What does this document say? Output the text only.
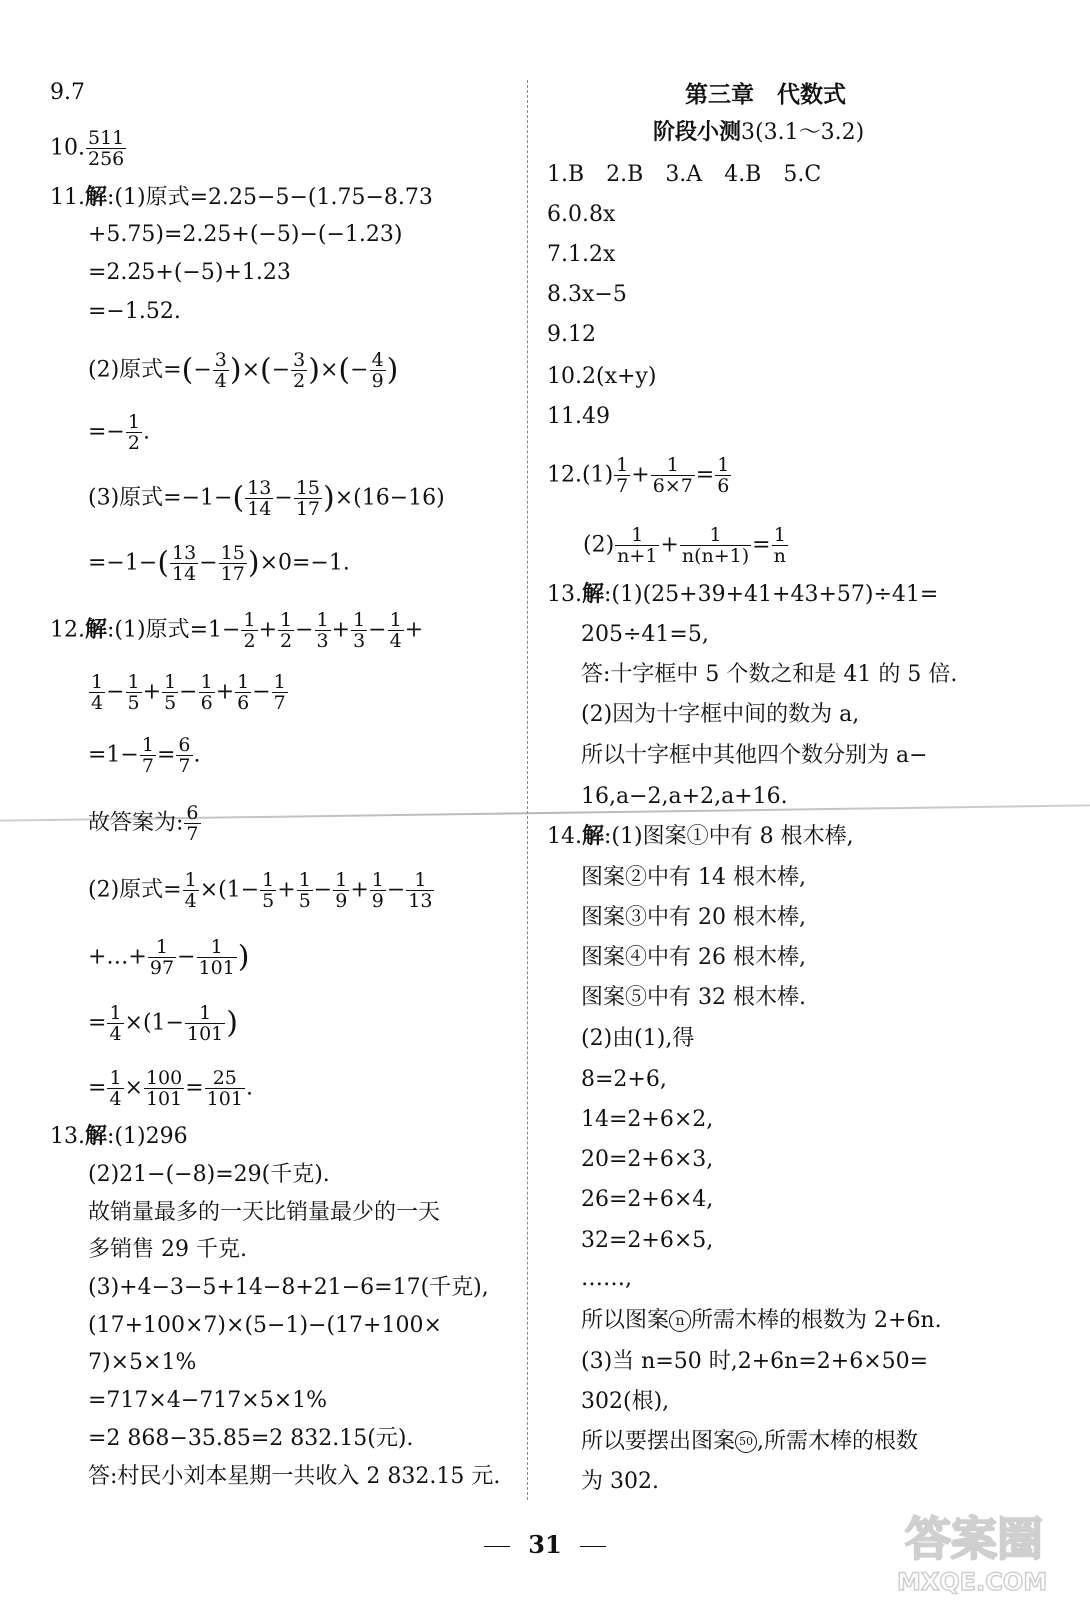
9.7
10. $\frac{511}{256}$
11.解:(1)原式=2.25−5−(1.75−8.73
+5.75)=2.25+(−5)−(−1.23)
=2.25+(−5)+1.23
=−1.52.
(2)原式=(− $\frac{3}{4}$ )×(− $\frac{3}{2}$ )×(− $\frac{4}{9}$ )
=− $\frac{1}{2}$ .
(3)原式$=-1-( \frac{13}{14} - \frac{15}{17} )\times(16-16)$
$=-1-( \frac{13}{14} - \frac{15}{17} )\times 0=-1$.
12.解:(1)原式$=1- \frac{1}{2} + \frac{1}{2} - \frac{1}{3} + \frac{1}{3} - \frac{1}{4}$ +
$\frac{1}{4} - \frac{1}{5} + \frac{1}{5} - \frac{1}{6} + \frac{1}{6} - \frac{1}{7}$
$=1- \frac{1}{7} = \frac{6}{7}$ .
故答案为: $\frac{6}{7}$
(2)原式= $\frac{1}{4} \times(1- \frac{1}{5} + \frac{1}{5} - \frac{1}{9} + \frac{1}{9} - \frac{1}{13}$
+…+ $\frac{1}{97} - \frac{1}{101}$ )
= $\frac{1}{4} \times(1- \frac{1}{101}$ )
= $\frac{1}{4} \times \frac{100}{101} = \frac{25}{101}$ .
13.解:(1)296
(2)21−(−8)=29(千克).
故销量最多的一天比销量最少的一天
多销售 29 千克.
(3)+4−3−5+14−8+21−6=17(千克),
(17+100×7)×(5−1)−(17+100×
7)×5×1%
=717×4−717×5×1%
=2 868−35.85=2 832.15(元).
答:村民小刘本星期一共收入 2 832.15 元.
第三章　代数式
阶段小测3(3.1～3.2)
1.B　2.B　3.A　4.B　5.C
6.0.8x
7.1.2x
8.3x−5
9.12
10.2(x+y)
11.49
$12.(1) \frac{1}{7} + \frac{1}{6\times 7} = \frac{1}{6}$
$(2) \frac{1}{n+1} + \frac{1}{n(n+1)} = \frac{1}{n}$
13.解:(1)(25+39+41+43+57)÷41=
205÷41=5,
答:十字框中 5 个数之和是 41 的 5 倍.
(2)因为十字框中间的数为 a,
所以十字框中其他四个数分别为 a−
16,a−2,a+2,a+16.
14.解:(1)图案①中有 8 根木棒,
图案②中有 14 根木棒,
图案③中有 20 根木棒,
图案④中有 26 根木棒,
图案⑤中有 32 根木棒.
(2)由(1),得
8=2+6,
14=2+6×2,
20=2+6×3,
26=2+6×4,
32=2+6×5,
……,
所以图案 n 所需木棒的根数为 2+6n.
(3)当 n=50 时,2+6n=2+6×50=
302(根),
所以要摆出图案 50 ,所需木棒的根数
为 302.
31	答案圈
MXQE.COM
